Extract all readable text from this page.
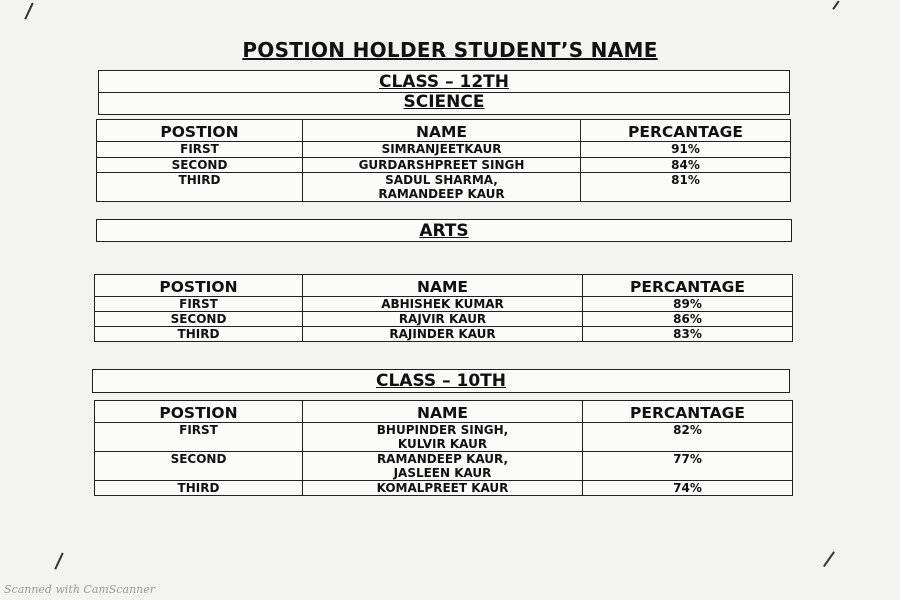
POSTION HOLDER STUDENT’S NAME
CLASS – 12TH
SCIENCE
POSTION	NAME	PERCANTAGE
FIRST	SIMRANJEETKAUR	91%
SECOND	GURDARSHPREET SINGH	84%
THIRD	SADUL SHARMA,
RAMANDEEP KAUR	81%
ARTS
POSTION	NAME	PERCANTAGE
FIRST	ABHISHEK KUMAR	89%
SECOND	RAJVIR KAUR	86%
THIRD	RAJINDER KAUR	83%
CLASS – 10TH
POSTION	NAME	PERCANTAGE
FIRST	BHUPINDER SINGH,
KULVIR KAUR	82%
SECOND	RAMANDEEP KAUR,
JASLEEN KAUR	77%
THIRD	KOMALPREET KAUR	74%
Scanned with CamScanner
